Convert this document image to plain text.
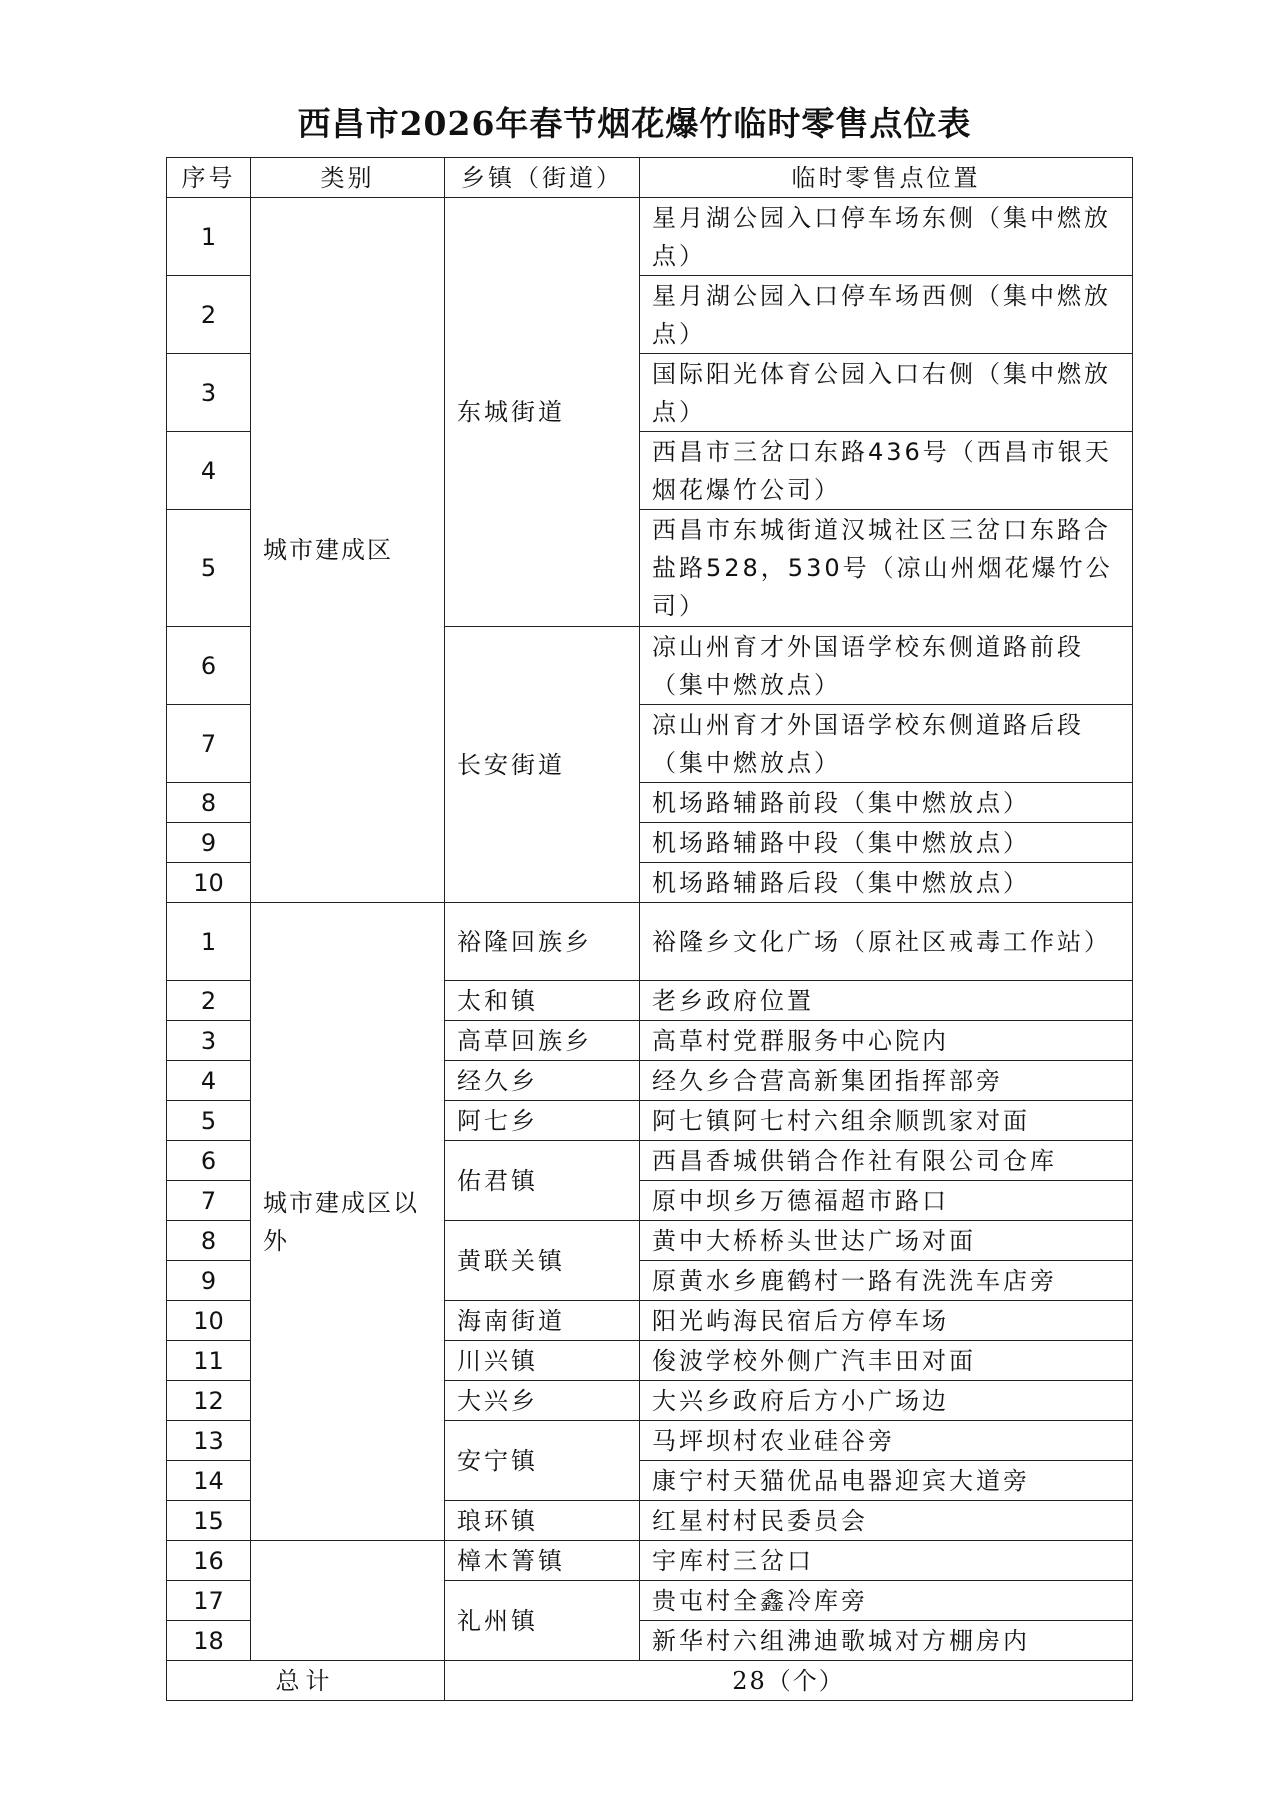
西昌市2026年春节烟花爆竹临时零售点位表
序号	类别	乡镇（街道）	临时零售点位置
1	城市建成区	东城街道	星月湖公园入口停车场东侧（集中燃放点）
2			星月湖公园入口停车场西侧（集中燃放点）
3			国际阳光体育公园入口右侧（集中燃放点）
4			西昌市三岔口东路436号（西昌市银天烟花爆竹公司）
5			西昌市东城街道汉城社区三岔口东路合盐路528，530号（凉山州烟花爆竹公司）
6		长安街道	凉山州育才外国语学校东侧道路前段（集中燃放点）
7			凉山州育才外国语学校东侧道路后段（集中燃放点）
8			机场路辅路前段（集中燃放点）
9			机场路辅路中段（集中燃放点）
10			机场路辅路后段（集中燃放点）
1	城市建成区以外	裕隆回族乡	裕隆乡文化广场（原社区戒毒工作站）
2		太和镇	老乡政府位置
3		高草回族乡	高草村党群服务中心院内
4		经久乡	经久乡合营高新集团指挥部旁
5		阿七乡	阿七镇阿七村六组余顺凯家对面
6		佑君镇	西昌香城供销合作社有限公司仓库
7			原中坝乡万德福超市路口
8		黄联关镇	黄中大桥桥头世达广场对面
9			原黄水乡鹿鹤村一路有洗洗车店旁
10		海南街道	阳光屿海民宿后方停车场
11		川兴镇	俊波学校外侧广汽丰田对面
12		大兴乡	大兴乡政府后方小广场边
13		安宁镇	马坪坝村农业硅谷旁
14			康宁村天猫优品电器迎宾大道旁
15		琅环镇	红星村村民委员会
16		樟木箐镇	宇库村三岔口
17		礼州镇	贵屯村全鑫冷库旁
18			新华村六组沸迪歌城对方棚房内
总计		28（个）	
